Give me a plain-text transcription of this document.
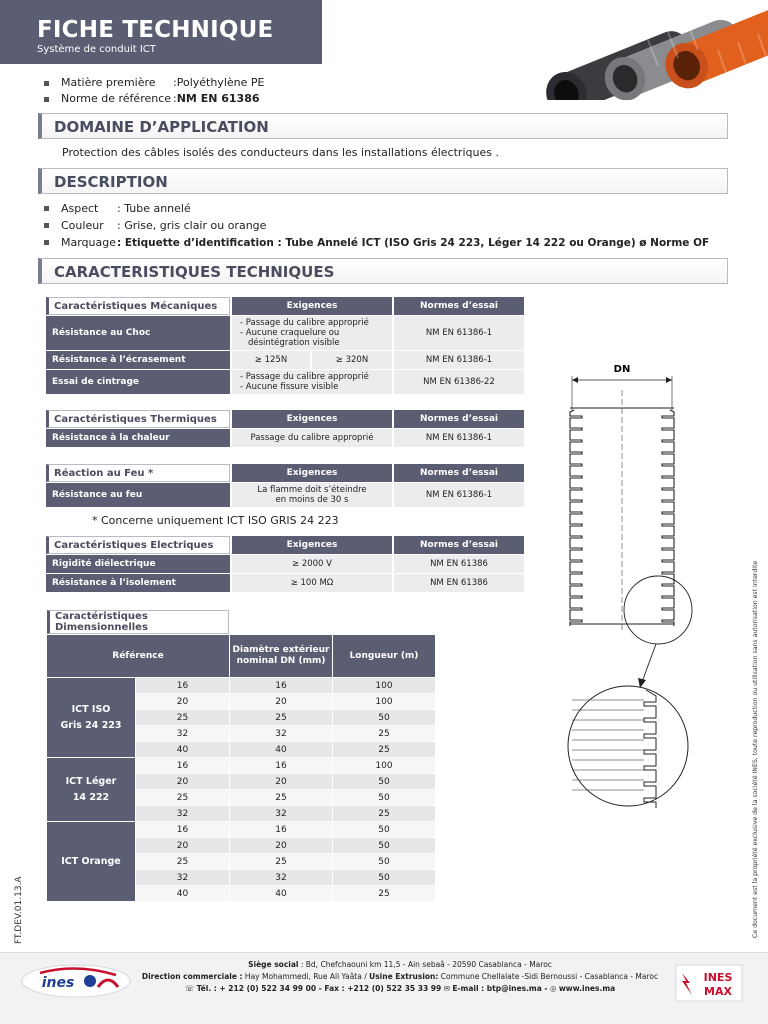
FICHE TECHNIQUE
Système de conduit ICT
Matière première	: Polyéthylène PE
Norme de référence : NM EN 61386
DOMAINE D’APPLICATION
Protection des câbles isolés des conducteurs dans les installations électriques .
DESCRIPTION
Aspect	: Tube annelé
Couleur	: Grise, gris clair ou orange
Marquage : Etiquette d’identification : Tube Annelé ICT (ISO Gris 24 223, Léger 14 222 ou Orange) ø Norme OF
CARACTERISTIQUES TECHNIQUES
Caractéristiques Mécaniques	Exigences		Normes d’essai
Résistance au Choc	- Passage du calibre approprié
- Aucune craquelure ou
désintégration visible		NM EN 61386-1
Résistance à l’écrasement	≥ 125N	≥ 320N	NM EN 61386-1
Essai de cintrage	- Passage du calibre approprié
- Aucune fissure visible		NM EN 61386-22
Caractéristiques Thermiques	Exigences	Normes d’essai
Résistance à la chaleur	Passage du calibre approprié	NM EN 61386-1
Réaction au Feu *	Exigences	Normes d’essai
Résistance au feu	La flamme doit s’éteindre
en moins de 30 s	NM EN 61386-1
* Concerne uniquement ICT ISO GRIS 24 223
Caractéristiques Electriques	Exigences	Normes d’essai
Rigidité diélectrique	≥ 2000 V	NM EN 61386
Résistance à l’isolement	≥ 100 MΩ	NM EN 61386
Caractéristiques Dimensionnelles			
Référence		Diamètre extérieur
nominal DN (mm)	Longueur (m)

ICT ISO
Gris 24 223	16	16	100
	20	20	100
	25	25	50
	32	32	25
	40	40	25

ICT Léger
14 222	16	16	100
	20	20	50
	25	25	50
	32	32	25

ICT Orange	16	16	50
	20	20	50
	25	25	50
	32	32	50
	40	40	25
DN
FT.DEV.01.13.A	Ce document est la propriété exclusive de la société INES, toute reproduction ou utilisation sans autorisation est interdite
ines
Siège social : Bd, Chefchaouni km 11,5 - Ain sebaâ - 20590 Casablanca - Maroc
Direction commerciale : Hay Mohammedi, Rue Ali Yaâta / Usine Extrusion: Commune Chellalate -Sidi Bernoussi - Casablanca - Maroc
☏ Tél. : + 212 (0) 522 34 99 00 - Fax : +212 (0) 522 35 33 99 ✉ E-mail : btp@ines.ma - ◎ www.ines.ma
INES
MAX
